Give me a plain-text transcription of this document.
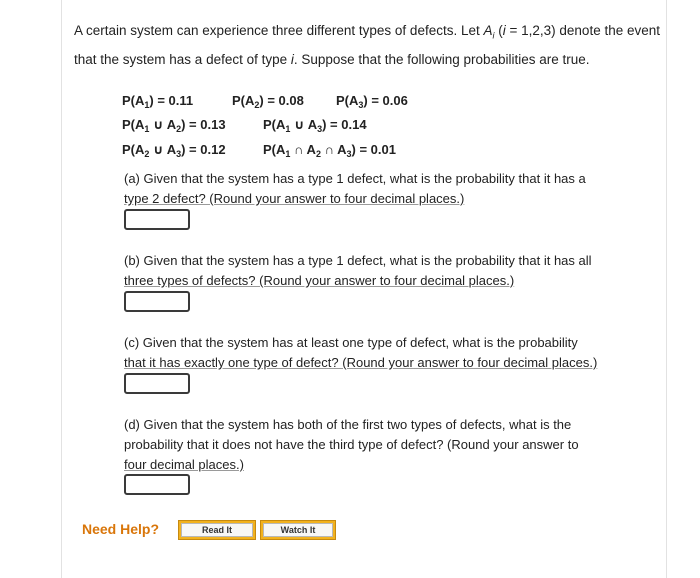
A certain system can experience three different types of defects. Let $A_i$ (i = 1,2,3) denote the event that the system has a defect of type i. Suppose that the following probabilities are true.
$P(A_1) = 0.11$	$P(A_2) = 0.08$ $P(A_3) = 0.06$
$P(A_1$ ∪ $A_2) = 0.13$	$P(A_1$ ∪ $A_3) = 0.14$
$P(A_2$ ∪ $A_3) = 0.12$	$P(A_1$ ∩ $A_2$ ∩ $A_3) = 0.01$
(a) Given that the system has a type 1 defect, what is the probability that it has a
type 2 defect? (Round your answer to four decimal places.)
(b) Given that the system has a type 1 defect, what is the probability that it has all
three types of defects? (Round your answer to four decimal places.)
(c) Given that the system has at least one type of defect, what is the probability
that it has exactly one type of defect? (Round your answer to four decimal places.)
(d) Given that the system has both of the first two types of defects, what is the
probability that it does not have the third type of defect? (Round your answer to
four decimal places.)
Need Help?	Read It	Watch It
